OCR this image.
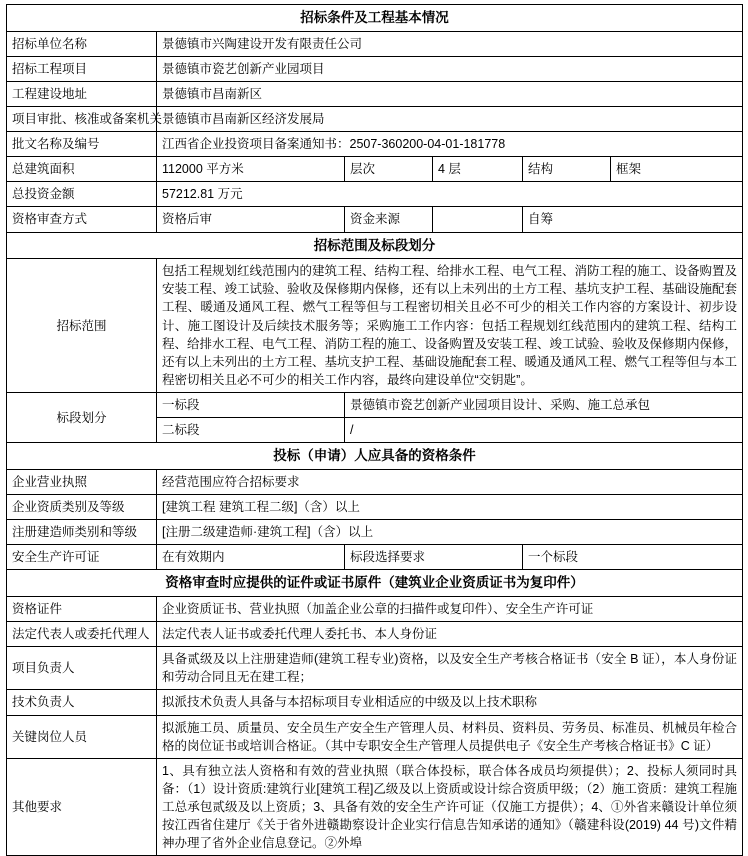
招标条件及工程基本情况					
招标单位名称	景德镇市兴陶建设开发有限责任公司				
招标工程项目	景德镇市瓷艺创新产业园项目				
工程建设地址	景德镇市昌南新区				
项目审批、核准或备案机关	景德镇市昌南新区经济发展局				
批文名称及编号	江西省企业投资项目备案通知书：2507-360200-04-01-181778				
总建筑面积	112000 平方米	层次	4 层	结构	框架
总投资金额	57212.81 万元				
资格审查方式	资格后审	资金来源		自筹	
招标范围及标段划分					
招标范围	包括工程规划红线范围内的建筑工程、结构工程、给排水工程、电气工程、消防工程的施工、设备购置及安装工程、竣工试验、验收及保修期内保修，还有以上未列出的土方工程、基坑支护工程、基础设施配套工程、暖通及通风工程、燃气工程等但与工程密切相关且必不可少的相关工作内容的方案设计、初步设计、施工图设计及后续技术服务等；采购施工工作内容：包括工程规划红线范围内的建筑工程、结构工程、给排水工程、电气工程、消防工程的施工、设备购置及安装工程、竣工试验、验收及保修期内保修，还有以上未列出的土方工程、基坑支护工程、基础设施配套工程、暖通及通风工程、燃气工程等但与本工程密切相关且必不可少的相关工作内容，最终向建设单位“交钥匙”。				
标段划分	一标段	景德镇市瓷艺创新产业园项目设计、采购、施工总承包			
	二标段	/			
投标（申请）人应具备的资格条件					
企业营业执照	经营范围应符合招标要求				
企业资质类别及等级	[建筑工程 建筑工程二级]（含）以上				
注册建造师类别和等级	[注册二级建造师·建筑工程]（含）以上				
安全生产许可证	在有效期内	标段选择要求		一个标段	
资格审查时应提供的证件或证书原件（建筑业企业资质证书为复印件）					
资格证件	企业资质证书、营业执照（加盖企业公章的扫描件或复印件）、安全生产许可证				
法定代表人或委托代理人	法定代表人证书或委托代理人委托书、本人身份证				
项目负责人	具备贰级及以上注册建造师(建筑工程专业)资格，以及安全生产考核合格证书（安全 B 证），本人身份证和劳动合同且无在建工程；				
技术负责人	拟派技术负责人具备与本招标项目专业相适应的中级及以上技术职称				
关键岗位人员	拟派施工员、质量员、安全员生产安全生产管理人员、材料员、资料员、劳务员、标准员、机械员年检合格的岗位证书或培训合格证。（其中专职安全生产管理人员提供电子《安全生产考核合格证书》C 证）				
其他要求	1、具有独立法人资格和有效的营业执照（联合体投标，联合体各成员均须提供）；2、投标人须同时具备：（1）设计资质:建筑行业[建筑工程]乙级及以上资质或设计综合资质甲级；（2）施工资质：建筑工程施工总承包贰级及以上资质；3、具备有效的安全生产许可证（仅施工方提供）；4、①外省来赣设计单位须按江西省住建厅《关于省外进赣勘察设计企业实行信息告知承诺的通知》（赣建科设(2019) 44 号)文件精神办理了省外企业信息登记。②外埠				
